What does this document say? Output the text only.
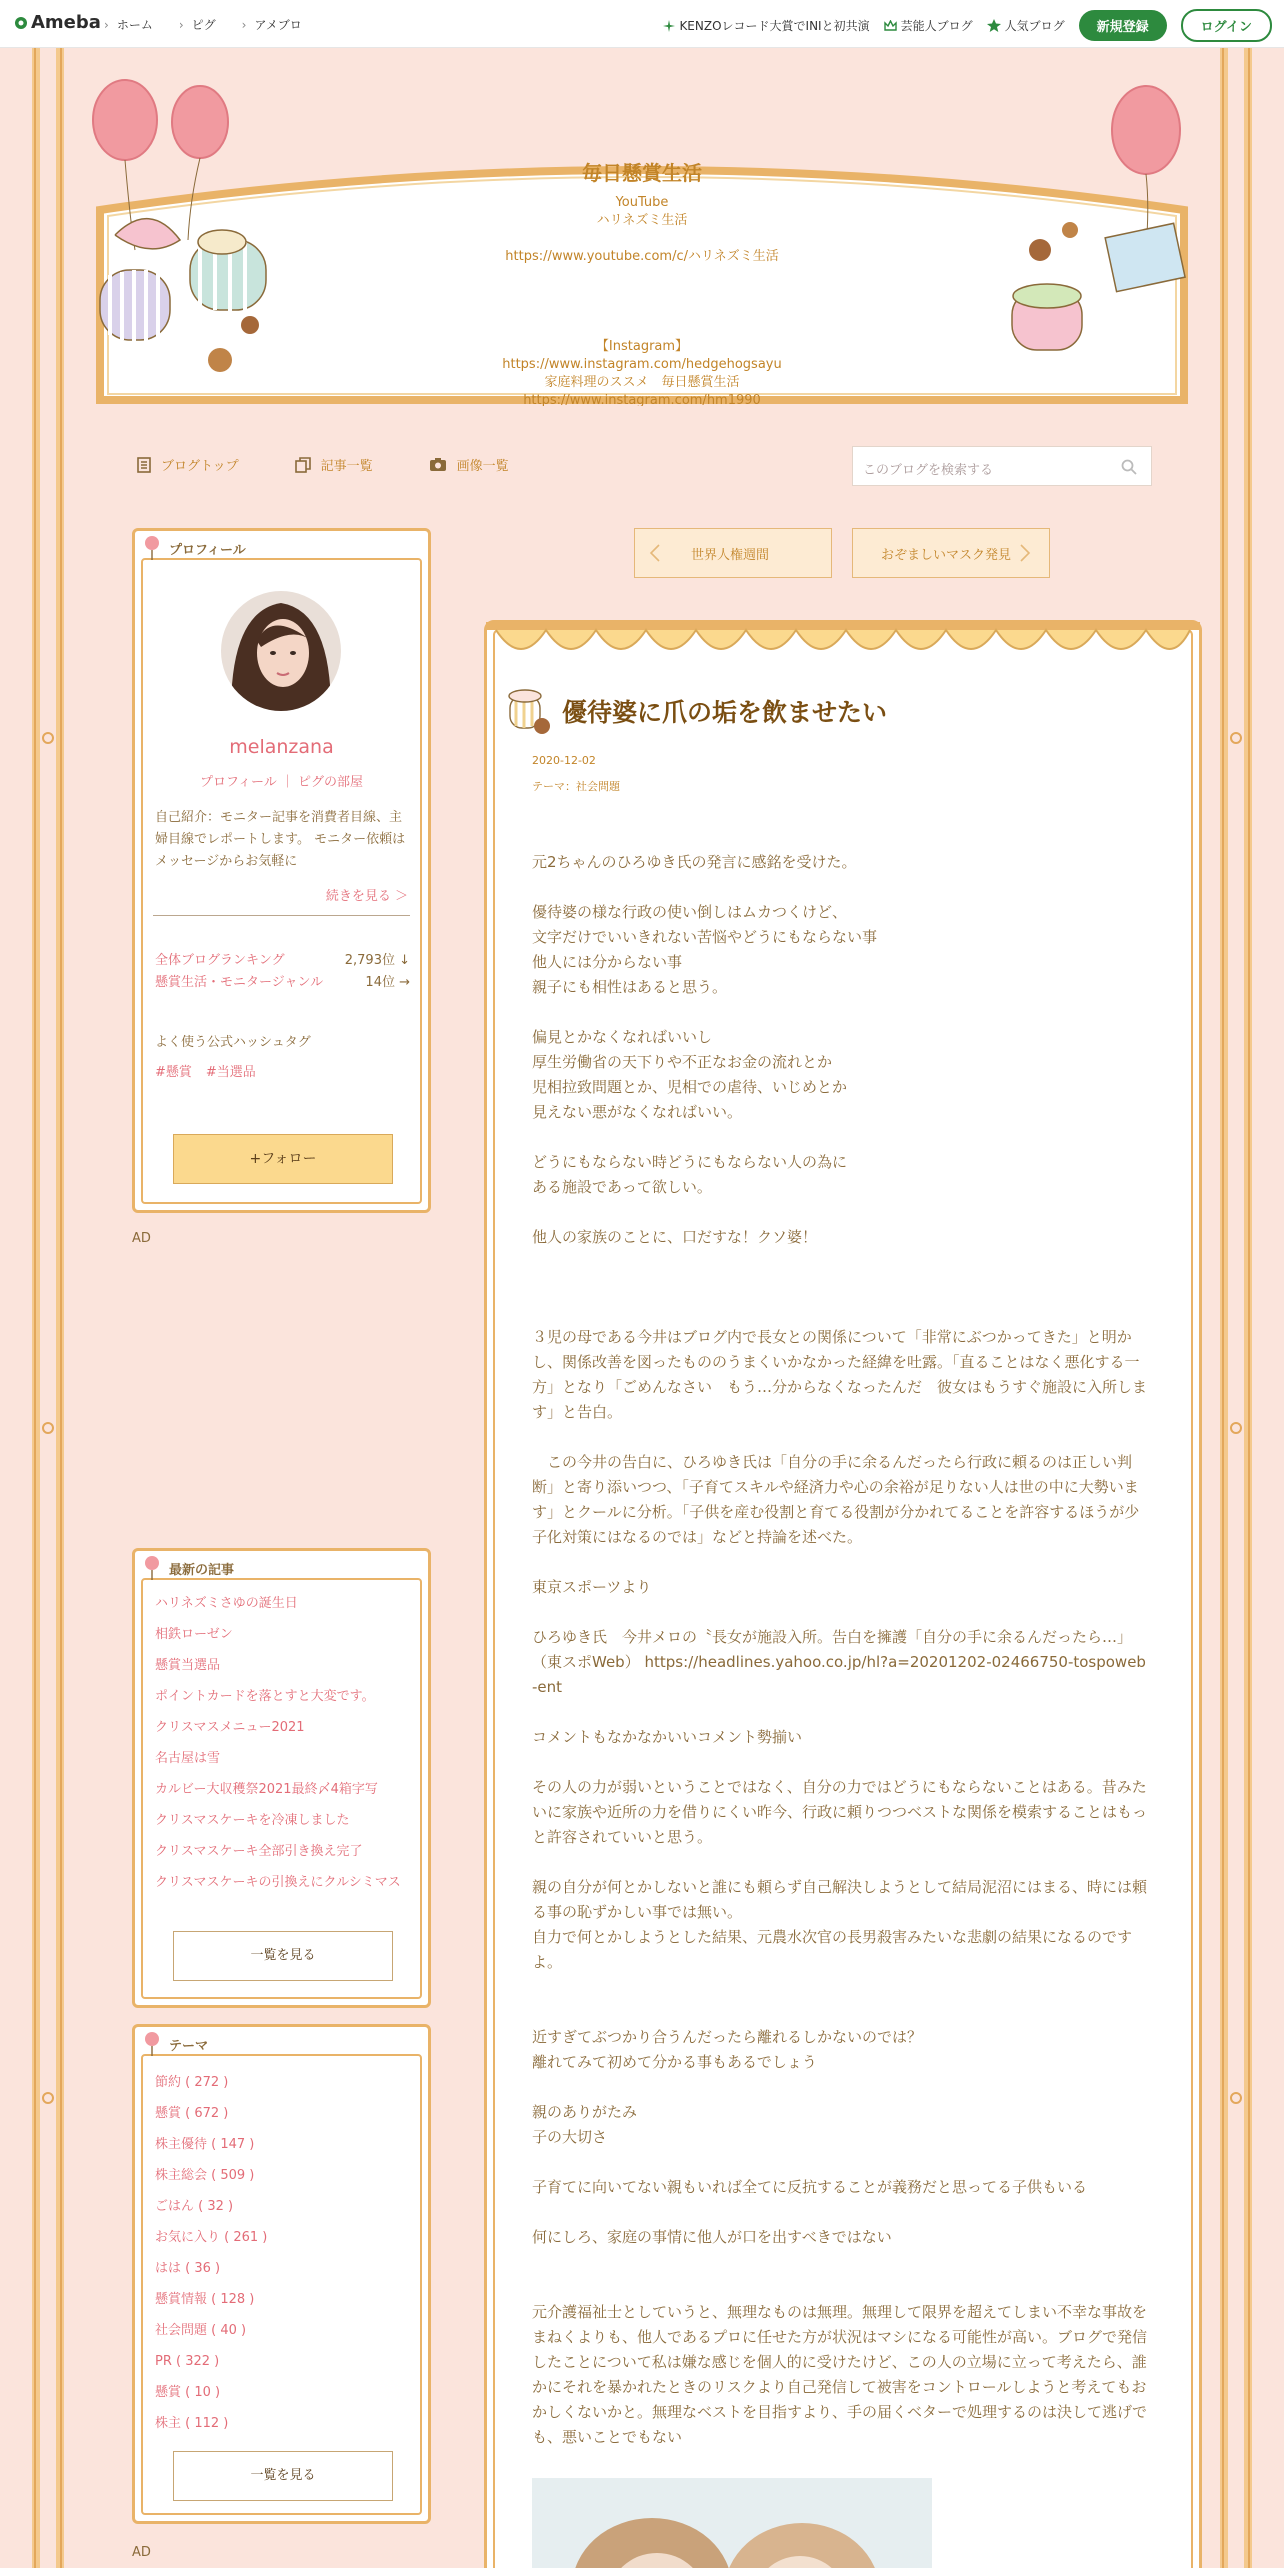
Ameba	› ホーム	› ピグ	› アメブロ	KENZOレコード大賞でINIと初共演	芸能人ブログ	人気ブログ	新規登録	ログイン
毎日懸賞生活
YouTube
ハリネズミ生活
https://www.youtube.com/c/ハリネズミ生活
【Instagram】
https://www.instagram.com/hedgehogsayu
家庭料理のススメ　毎日懸賞生活
https://www.instagram.com/hm1990
ブログトップ	記事一覧	画像一覧	このブログを検索する
プロフィール
melanzana
プロフィール ｜ ピグの部屋
自己紹介：モニター記事を消費者目線、主婦目線でレポートします。 モニター依頼はメッセージからお気軽に
続きを見る ＞
全体ブログランキング	2,793位 ↓
懸賞生活・モニタージャンル	14位 →
よく使う公式ハッシュタグ
#懸賞 #当選品
+フォロー
AD
最新の記事
ハリネズミさゆの誕生日
相鉄ローゼン
懸賞当選品
ポイントカードを落とすと大変です。
クリスマスメニュー2021
名古屋は雪
カルビー大収穫祭2021最終〆4箱字写
クリスマスケーキを冷凍しました
クリスマスケーキ全部引き換え完了
クリスマスケーキの引換えにクルシミマス
一覧を見る
テーマ
節約 ( 272 )
懸賞 ( 672 )
株主優待 ( 147 )
株主総会 ( 509 )
ごはん ( 32 )
お気に入り ( 261 )
はは ( 36 )
懸賞情報 ( 128 )
社会問題 ( 40 )
PR ( 322 )
懸賞 ( 10 )
株主 ( 112 )
一覧を見る
AD
世界人権週間	おぞましいマスク発見
優待婆に爪の垢を飲ませたい
2020-12-02
テーマ：社会問題
元2ちゃんのひろゆき氏の発言に感銘を受けた。
優待婆の様な行政の使い倒しはムカつくけど、
文字だけでいいきれない苦悩やどうにもならない事
他人には分からない事
親子にも相性はあると思う。
偏見とかなくなればいいし
厚生労働省の天下りや不正なお金の流れとか
児相拉致問題とか、児相での虐待、いじめとか
見えない悪がなくなればいい。
どうにもならない時どうにもならない人の為に
ある施設であって欲しい。
他人の家族のことに、口だすな！クソ婆！
３児の母である今井はブログ内で長女との関係について「非常にぶつかってきた」と明かし、関係改善を図ったもののうまくいかなかった経緯を吐露。「直ることはなく悪化する一方」となり「ごめんなさい　もう…分からなくなったんだ　彼女はもうすぐ施設に入所します」と告白。
　この今井の告白に、ひろゆき氏は「自分の手に余るんだったら行政に頼るのは正しい判断」と寄り添いつつ、「子育てスキルや経済力や心の余裕が足りない人は世の中に大勢います」とクールに分析。「子供を産む役割と育てる役割が分かれてることを許容するほうが少子化対策にはなるのでは」などと持論を述べた。
東京スポーツより
ひろゆき氏　今井メロの〝長女が施設入所。告白を擁護「自分の手に余るんだったら…」　（東スポWeb） https://headlines.yahoo.co.jp/hl?a=20201202-02466750-tospoweb-ent
コメントもなかなかいいコメント勢揃い
その人の力が弱いということではなく、自分の力ではどうにもならないことはある。昔みたいに家族や近所の力を借りにくい昨今、行政に頼りつつベストな関係を模索することはもっと許容されていいと思う。
親の自分が何とかしないと誰にも頼らず自己解決しようとして結局泥沼にはまる、時には頼る事の恥ずかしい事では無い。
自力で何とかしようとした結果、元農水次官の長男殺害みたいな悲劇の結果になるのですよ。
近すぎてぶつかり合うんだったら離れるしかないのでは？
離れてみて初めて分かる事もあるでしょう
親のありがたみ
子の大切さ
子育てに向いてない親もいれば全てに反抗することが義務だと思ってる子供もいる
何にしろ、家庭の事情に他人が口を出すべきではない
元介護福祉士としていうと、無理なものは無理。無理して限界を超えてしまい不幸な事故をまねくよりも、他人であるプロに任せた方が状況はマシになる可能性が高い。ブログで発信したことについて私は嫌な感じを個人的に受けたけど、この人の立場に立って考えたら、誰かにそれを暴かれたときのリスクより自己発信して被害をコントロールしようと考えてもおかしくないかと。無理なベストを目指すより、手の届くベターで処理するのは決して逃げでも、悪いことでもない
